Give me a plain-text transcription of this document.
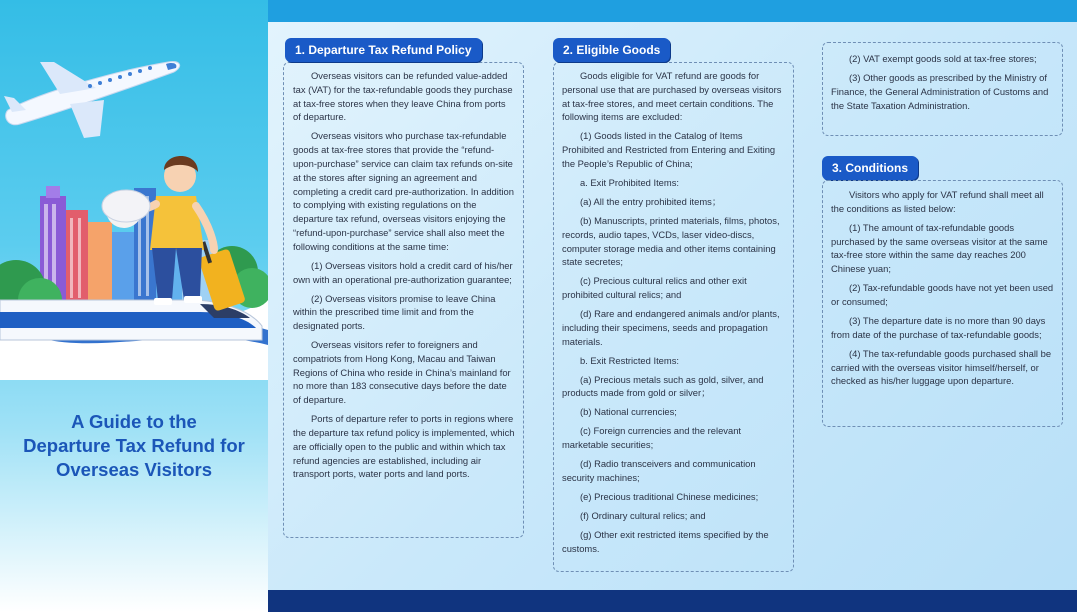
A Guide to the
Departure Tax Refund for
Overseas Visitors
1. Departure Tax Refund Policy

Overseas visitors can be refunded value-added tax (VAT) for the tax-refundable goods they purchase at tax-free stores when they leave China from ports of departure.

Overseas visitors who purchase tax-refundable goods at tax-free stores that provide the “refund-upon-purchase” service can claim tax refunds on-site at the stores after signing an agreement and completing a credit card pre-authorization. In addition to complying with existing regulations on the departure tax refund, overseas visitors enjoying the “refund-upon-purchase” service shall also meet the following conditions at the same time:

(1) Overseas visitors hold a credit card of his/her own with an operational pre-authorization guarantee;

(2) Overseas visitors promise to leave China within the prescribed time limit and from the designated ports.

Overseas visitors refer to foreigners and compatriots from Hong Kong, Macau and Taiwan Regions of China who reside in China’s mainland for no more than 183 consecutive days before the date of departure.

Ports of departure refer to ports in regions where the departure tax refund policy is implemented, which are officially open to the public and within which tax refund agencies are established, including air transport ports, water ports and land ports.

2. Eligible Goods

Goods eligible for VAT refund are goods for personal use that are purchased by overseas visitors at tax-free stores, and meet certain conditions. The following items are excluded:

(1) Goods listed in the Catalog of Items Prohibited and Restricted from Entering and Exiting the People’s Republic of China;

a. Exit Prohibited Items:

(a) All the entry prohibited items；

(b) Manuscripts, printed materials, films, photos, records, audio tapes, VCDs, laser video-discs, computer storage media and other items containing state secretes;

(c) Precious cultural relics and other exit prohibited cultural relics; and

(d) Rare and endangered animals and/or plants, including their specimens, seeds and propagation materials.

b. Exit Restricted Items:

(a) Precious metals such as gold, silver, and products made from gold or silver；

(b) National currencies;

(c) Foreign currencies and the relevant marketable securities;

(d) Radio transceivers and communication security machines;

(e) Precious traditional Chinese medicines;

(f) Ordinary cultural relics; and

(g) Other exit restricted items specified by the customs.

(2) VAT exempt goods sold at tax-free stores;

(3) Other goods as prescribed by the Ministry of Finance, the General Administration of Customs and the State Taxation Administration.

3. Conditions

Visitors who apply for VAT refund shall meet all the conditions as listed below:

(1) The amount of tax-refundable goods purchased by the same overseas visitor at the same tax-free store within the same day reaches 200 Chinese yuan;

(2) Tax-refundable goods have not yet been used or consumed;

(3) The departure date is no more than 90 days from date of the purchase of tax-refundable goods;

(4) The tax-refundable goods purchased shall be carried with the overseas visitor himself/herself, or checked as his/her luggage upon departure.
